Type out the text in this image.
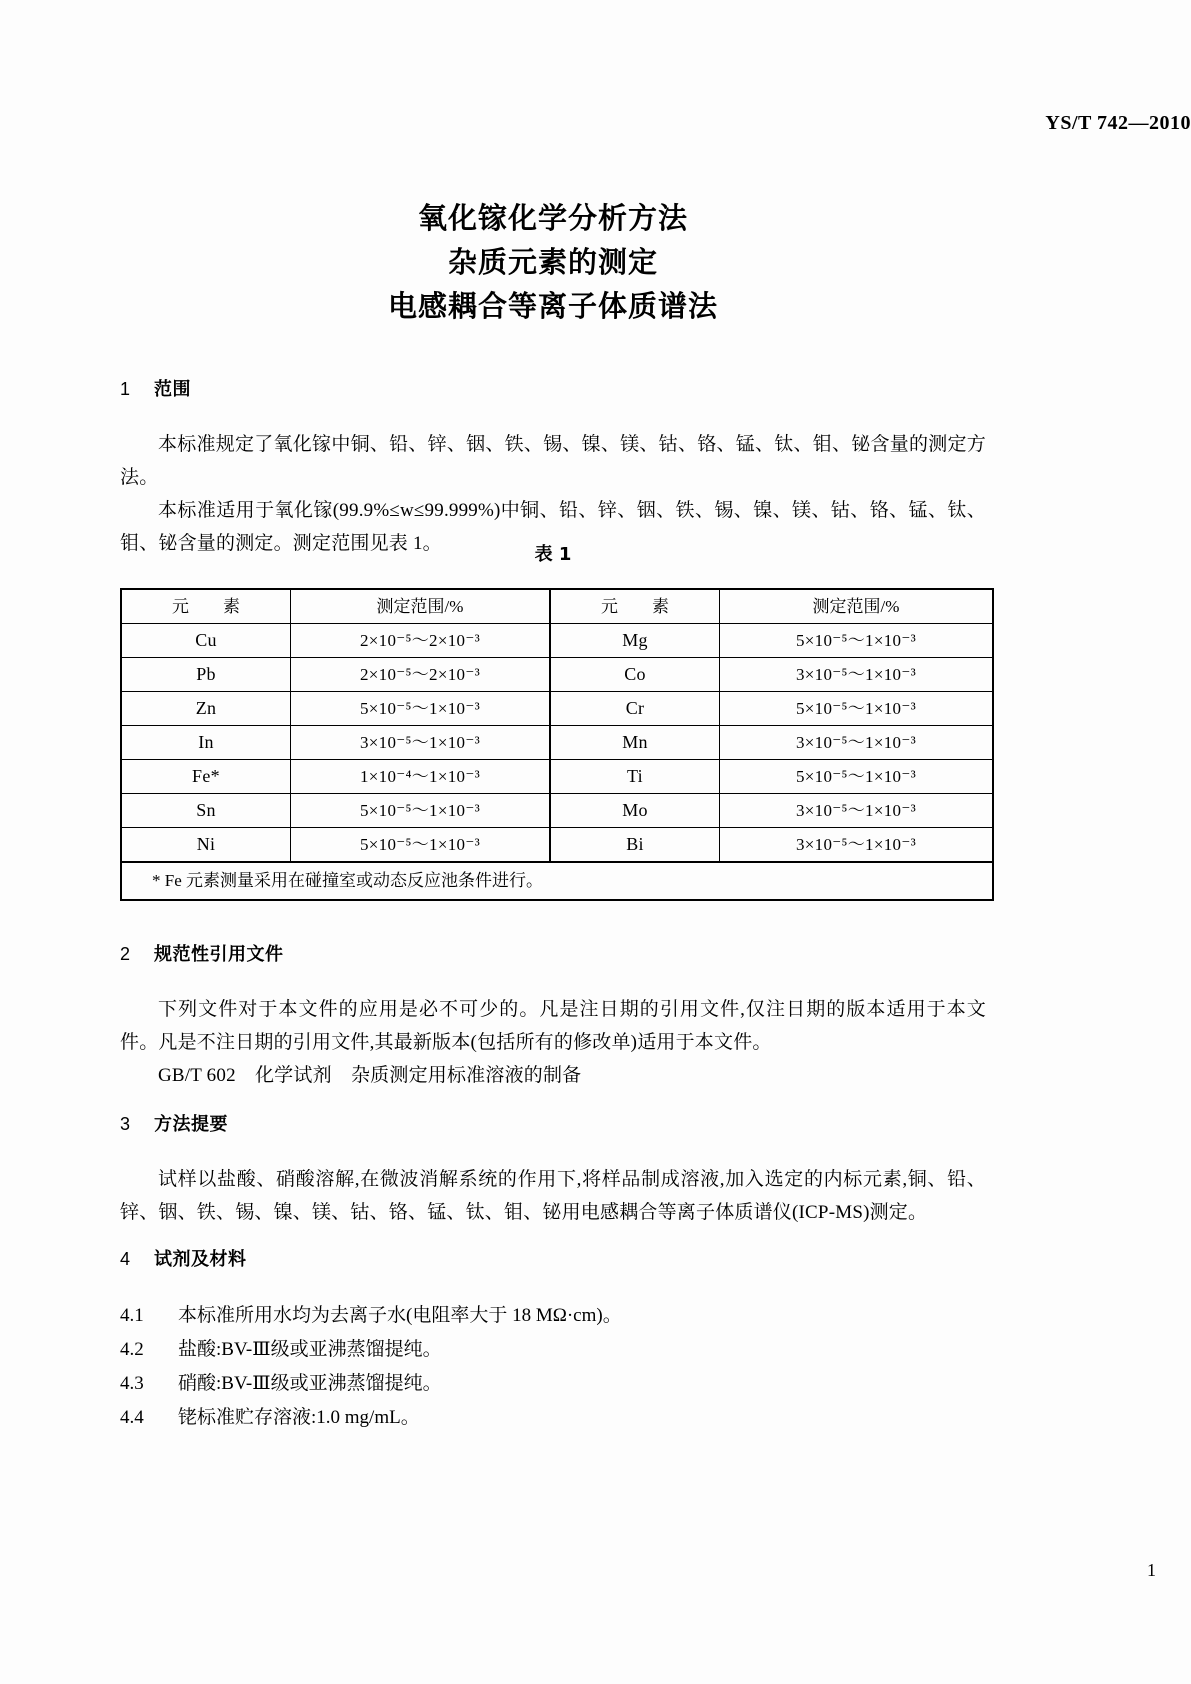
YS/T 742—2010
氧化镓化学分析方法
杂质元素的测定
电感耦合等离子体质谱法

1 范围

本标准规定了氧化镓中铜、铅、锌、铟、铁、锡、镍、镁、钴、铬、锰、钛、钼、铋含量的测定方法。

本标准适用于氧化镓(99.9%≤w≤99.999%)中铜、铅、锌、铟、铁、锡、镍、镁、钴、铬、锰、钛、钼、铋含量的测定。测定范围见表 1。

表 1
元　　素	测定范围/%	元　　素	测定范围/%
Cu	2×10⁻⁵～2×10⁻³	Mg	5×10⁻⁵～1×10⁻³
Pb	2×10⁻⁵～2×10⁻³	Co	3×10⁻⁵～1×10⁻³
Zn	5×10⁻⁵～1×10⁻³	Cr	5×10⁻⁵～1×10⁻³
In	3×10⁻⁵～1×10⁻³	Mn	3×10⁻⁵～1×10⁻³
Fe*	1×10⁻⁴～1×10⁻³	Ti	5×10⁻⁵～1×10⁻³
Sn	5×10⁻⁵～1×10⁻³	Mo	3×10⁻⁵～1×10⁻³
Ni	5×10⁻⁵～1×10⁻³	Bi	3×10⁻⁵～1×10⁻³
* Fe 元素测量采用在碰撞室或动态反应池条件进行。			

2 规范性引用文件

下列文件对于本文件的应用是必不可少的。凡是注日期的引用文件,仅注日期的版本适用于本文件。凡是不注日期的引用文件,其最新版本(包括所有的修改单)适用于本文件。

GB/T 602　化学试剂　杂质测定用标准溶液的制备

3 方法提要

试样以盐酸、硝酸溶解,在微波消解系统的作用下,将样品制成溶液,加入选定的内标元素,铜、铅、锌、铟、铁、锡、镍、镁、钴、铬、锰、钛、钼、铋用电感耦合等离子体质谱仪(ICP-MS)测定。

4 试剂及材料

4.1 本标准所用水均为去离子水(电阻率大于 18 MΩ·cm)。

4.2 盐酸:BV-Ⅲ级或亚沸蒸馏提纯。

4.3 硝酸:BV-Ⅲ级或亚沸蒸馏提纯。

4.4 铑标准贮存溶液:1.0 mg/mL。

1
